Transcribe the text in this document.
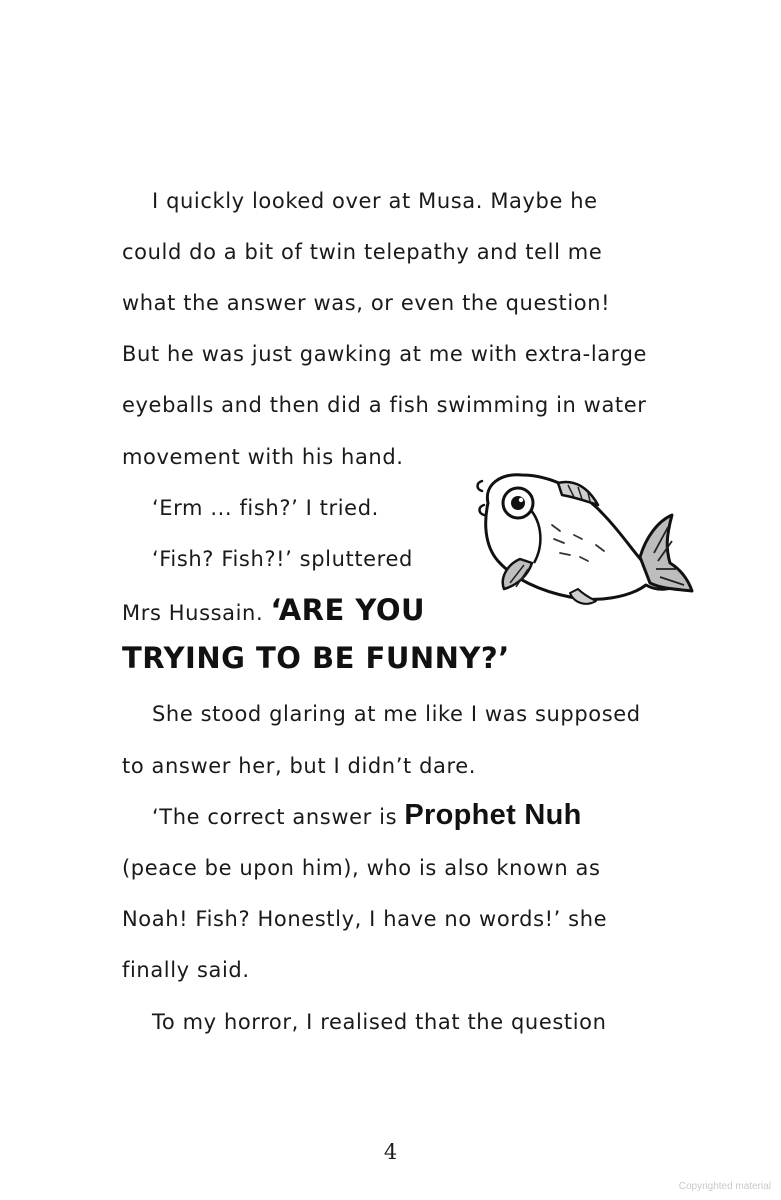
I quickly looked over at Musa. Maybe he
could do a bit of twin telepathy and tell me
what the answer was, or even the question!
But he was just gawking at me with extra-large
eyeballs and then did a fish swimming in water
movement with his hand.
‘Erm ... fish?’ I tried.
‘Fish? Fish?!’ spluttered
Mrs Hussain. ‘ARE YOU
TRYING TO BE FUNNY?’
She stood glaring at me like I was supposed
to answer her, but I didn’t dare.
‘The correct answer is Prophet Nuh
(peace be upon him), who is also known as
Noah! Fish? Honestly, I have no words!’ she
finally said.
To my horror, I realised that the question
4
Copyrighted material
